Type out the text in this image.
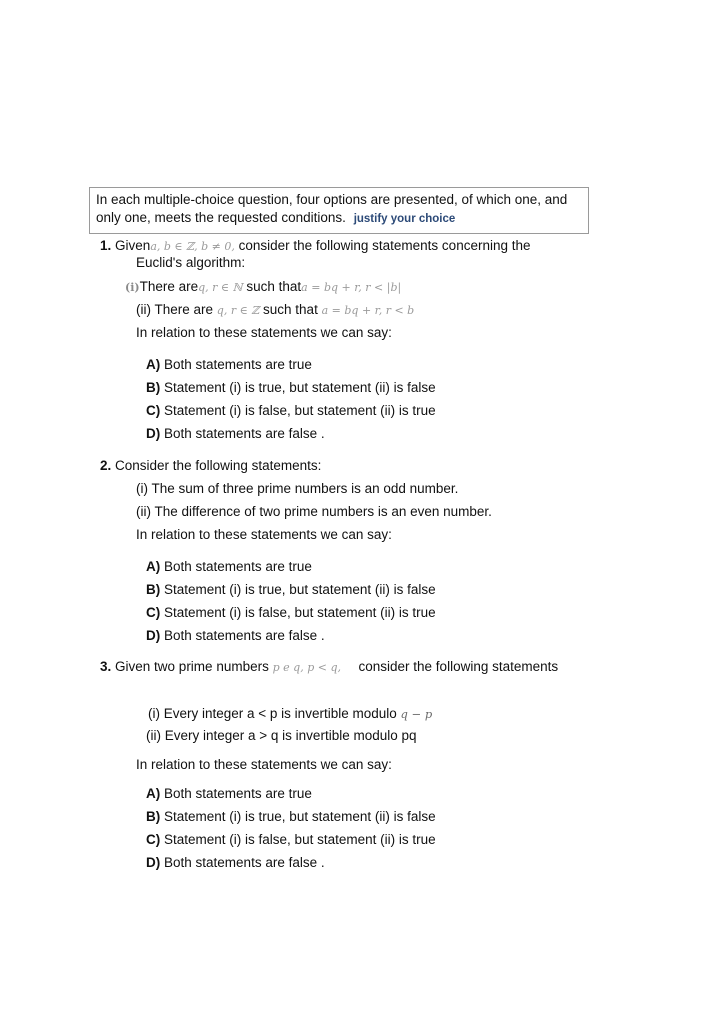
In each multiple-choice question, four options are presented, of which one, and only one, meets the requested conditions. justify your choice
1. Givena, b ∈ ℤ, b ≠ 0, consider the following statements concerning the
Euclid's algorithm:
(i)There areq, r ∈ ℕ such thata = bq + r, r < |b|
(ii) There are q, r ∈ ℤ such that a = bq + r, r < b
In relation to these statements we can say:
A) Both statements are true
B) Statement (i) is true, but statement (ii) is false
C) Statement (i) is false, but statement (ii) is true
D) Both statements are false .
2. Consider the following statements:
(i) The sum of three prime numbers is an odd number.
(ii) The difference of two prime numbers is an even number.
In relation to these statements we can say:
A) Both statements are true
B) Statement (i) is true, but statement (ii) is false
C) Statement (i) is false, but statement (ii) is true
D) Both statements are false .
3. Given two prime numbers p e q, p < q, consider the following statements
(i) Every integer a < p is invertible modulo q − p
(ii) Every integer a > q is invertible modulo pq
In relation to these statements we can say:
A) Both statements are true
B) Statement (i) is true, but statement (ii) is false
C) Statement (i) is false, but statement (ii) is true
D) Both statements are false .
